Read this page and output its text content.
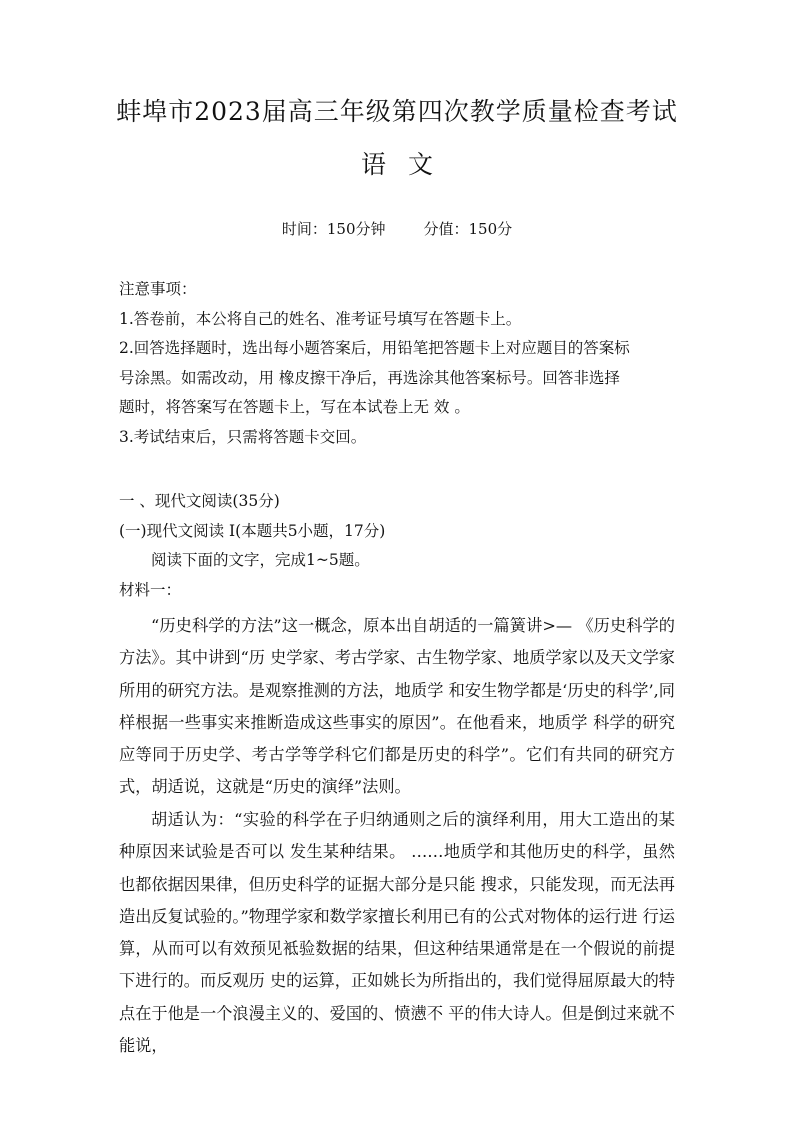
蚌埠市2023届高三年级第四次教学质量检查考试
语文
时间：150分钟	分值：150分
注意事项：
1.答卷前，本公将自己的姓名、准考证号填写在答题卡上。
2.回答选择题时，选出每小题答案后，用铅笔把答题卡上对应题目的答案标
号涂黑。如需改动，用 橡皮擦干净后，再选涂其他答案标号。回答非选择
题时，将答案写在答题卡上，写在本试卷上无 效 。
3.考试结束后，只需将答题卡交回。
一 、现代文阅读(35分)
(一)现代文阅读 Ⅰ(本题共5小题，17分)
阅读下面的文字，完成1~5题。
材料一：

“历史科学的方法”这一概念，原本出自胡适的一篇簧讲>— 《历史科学的方法》。其中讲到“历 史学家、考古学家、古生物学家、地质学家以及天文学家所用的研究方法。是观察推测的方法，地质学 和安生物学都是‘历史的科学’,同样根据一些事实来推断造成这些事实的原因”。在他看来，地质学 科学的研究应等同于历史学、考古学等学科它们都是历史的科学”。它们有共同的研究方式，胡适说，这就是“历史的演绎”法则。

胡适认为：“实验的科学在子归纳通则之后的演绎利用，用大工造出的某种原因来试验是否可以 发生某种结果。 ……地质学和其他历史的科学，虽然也都依据因果律，但历史科学的证据大部分是只能 搜求，只能发现，而无法再造出反复试验的。”物理学家和数学家擅长利用已有的公式对物体的运行进 行运算，从而可以有效预见袛验数据的结果，但这种结果通常是在一个假说的前提下进行的。而反观历 史的运算，正如姚长为所指出的，我们觉得屈原最大的特点在于他是一个浪漫主义的、爱国的、愤懑不 平的伟大诗人。但是倒过来就不能说，
